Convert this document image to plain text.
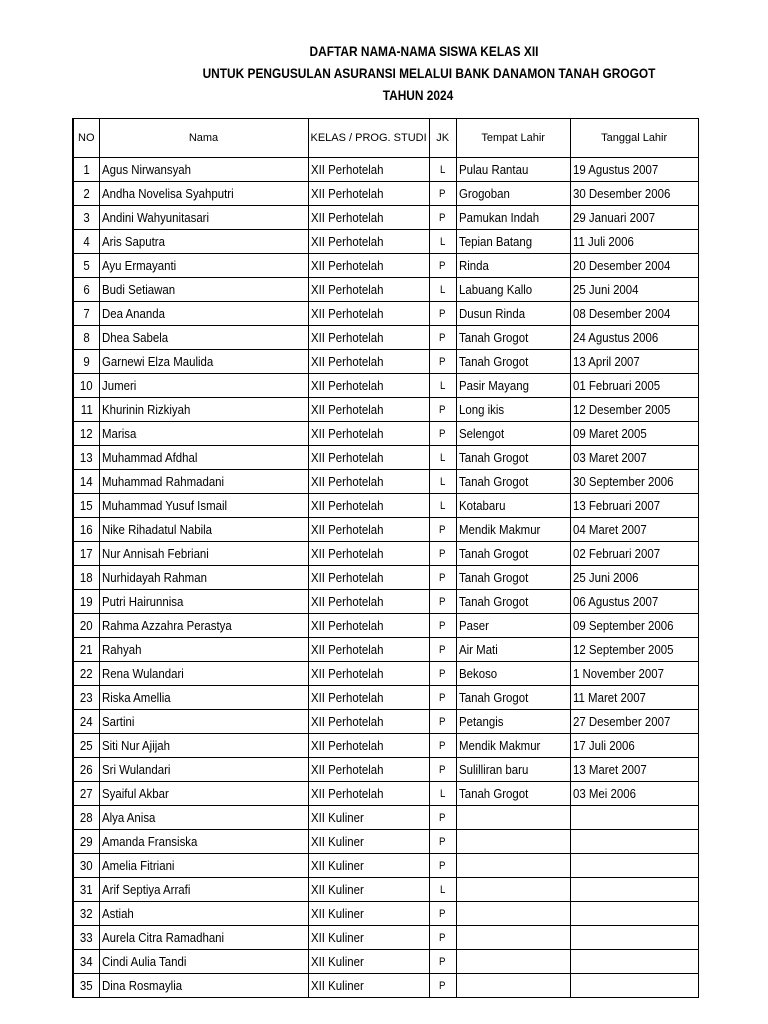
DAFTAR NAMA-NAMA SISWA KELAS XII
UNTUK PENGUSULAN ASURANSI MELALUI BANK DANAMON TANAH GROGOT
TAHUN 2024
NO	Nama	KELAS / PROG. STUDI	JK	Tempat Lahir	Tanggal Lahir
1	Agus Nirwansyah	XII Perhotelah	L	Pulau Rantau	19 Agustus 2007
2	Andha Novelisa Syahputri	XII Perhotelah	P	Grogoban	30 Desember 2006
3	Andini Wahyunitasari	XII Perhotelah	P	Pamukan Indah	29 Januari 2007
4	Aris Saputra	XII Perhotelah	L	Tepian Batang	11 Juli 2006
5	Ayu Ermayanti	XII Perhotelah	P	Rinda	20 Desember 2004
6	Budi Setiawan	XII Perhotelah	L	Labuang Kallo	25 Juni 2004
7	Dea Ananda	XII Perhotelah	P	Dusun Rinda	08 Desember 2004
8	Dhea Sabela	XII Perhotelah	P	Tanah Grogot	24 Agustus 2006
9	Garnewi Elza Maulida	XII Perhotelah	P	Tanah Grogot	13 April 2007
10	Jumeri	XII Perhotelah	L	Pasir Mayang	01 Februari 2005
11	Khurinin Rizkiyah	XII Perhotelah	P	Long ikis	12 Desember 2005
12	Marisa	XII Perhotelah	P	Selengot	09 Maret 2005
13	Muhammad Afdhal	XII Perhotelah	L	Tanah Grogot	03 Maret 2007
14	Muhammad Rahmadani	XII Perhotelah	L	Tanah Grogot	30 September 2006
15	Muhammad Yusuf Ismail	XII Perhotelah	L	Kotabaru	13 Februari 2007
16	Nike Rihadatul Nabila	XII Perhotelah	P	Mendik Makmur	04 Maret 2007
17	Nur Annisah Febriani	XII Perhotelah	P	Tanah Grogot	02 Februari 2007
18	Nurhidayah Rahman	XII Perhotelah	P	Tanah Grogot	25 Juni 2006
19	Putri Hairunnisa	XII Perhotelah	P	Tanah Grogot	06 Agustus 2007
20	Rahma Azzahra Perastya	XII Perhotelah	P	Paser	09 September 2006
21	Rahyah	XII Perhotelah	P	Air Mati	12 September 2005
22	Rena Wulandari	XII Perhotelah	P	Bekoso	1 November 2007
23	Riska Amellia	XII Perhotelah	P	Tanah Grogot	11 Maret 2007
24	Sartini	XII Perhotelah	P	Petangis	27 Desember 2007
25	Siti Nur Ajijah	XII Perhotelah	P	Mendik Makmur	17 Juli 2006
26	Sri Wulandari	XII Perhotelah	P	Sulilliran baru	13 Maret 2007
27	Syaiful Akbar	XII Perhotelah	L	Tanah Grogot	03 Mei 2006
28	Alya Anisa	XII Kuliner	P		
29	Amanda Fransiska	XII Kuliner	P		
30	Amelia Fitriani	XII Kuliner	P		
31	Arif Septiya Arrafi	XII Kuliner	L		
32	Astiah	XII Kuliner	P		
33	Aurela Citra Ramadhani	XII Kuliner	P		
34	Cindi Aulia Tandi	XII Kuliner	P		
35	Dina Rosmaylia	XII Kuliner	P		
